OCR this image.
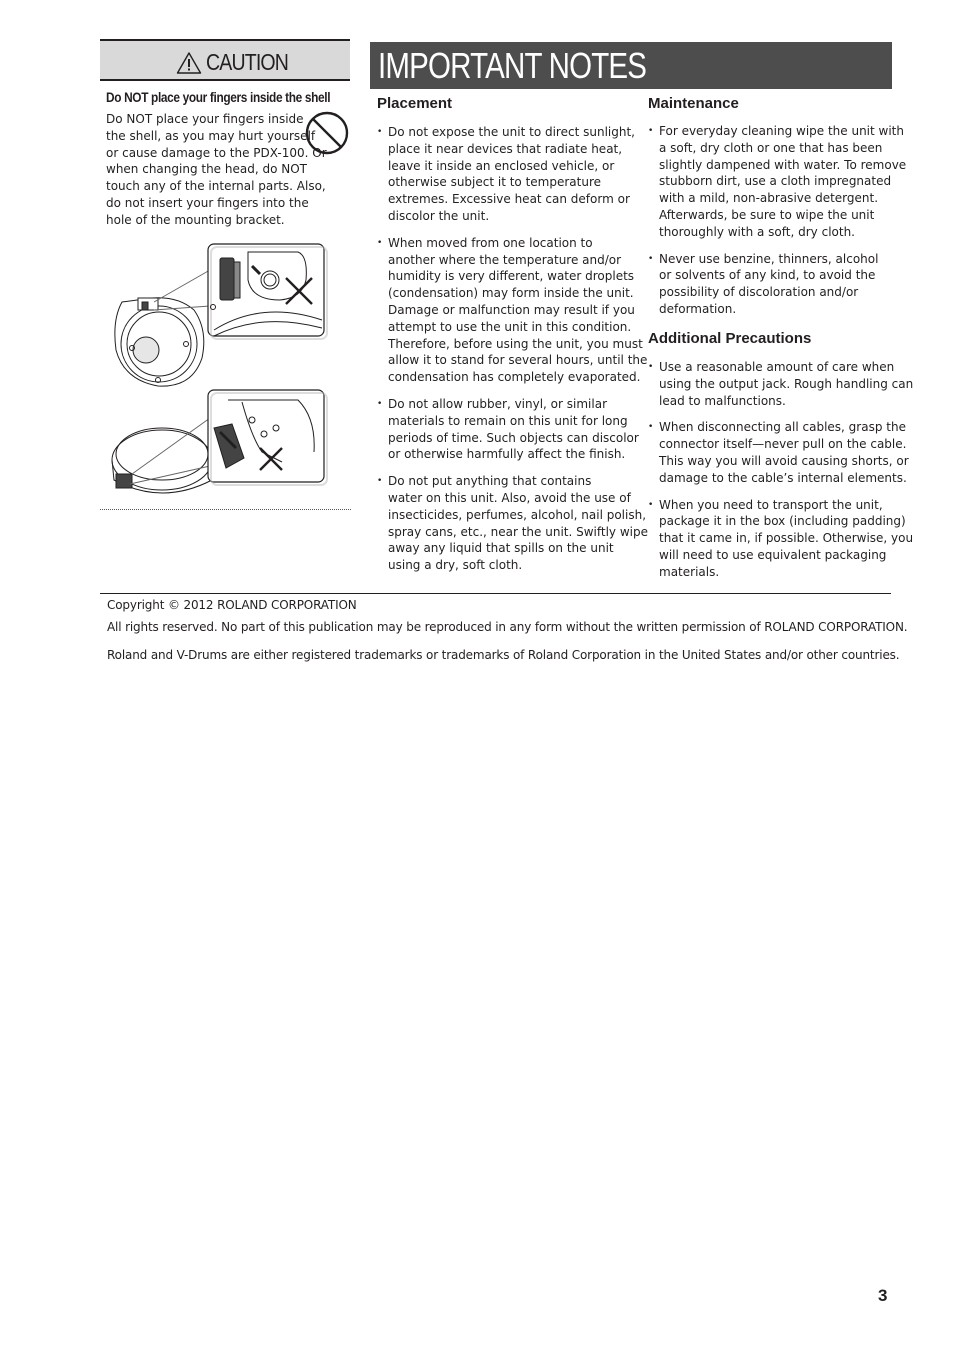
CAUTION
Do NOT place your fingers inside the shell
Do NOT place your fingers inside
the shell, as you may hurt yourself
or cause damage to the PDX-100. Or
when changing the head, do NOT
touch any of the internal parts. Also,
do not insert your fingers into the
hole of the mounting bracket.
IMPORTANT NOTES
Placement
• Do not expose the unit to direct sunlight,
place it near devices that radiate heat,
leave it inside an enclosed vehicle, or
otherwise subject it to temperature
extremes. Excessive heat can deform or
discolor the unit.
• When moved from one location to
another where the temperature and/or
humidity is very different, water droplets
(condensation) may form inside the unit.
Damage or malfunction may result if you
attempt to use the unit in this condition.
Therefore, before using the unit, you must
allow it to stand for several hours, until the
condensation has completely evaporated.
• Do not allow rubber, vinyl, or similar
materials to remain on this unit for long
periods of time. Such objects can discolor
or otherwise harmfully affect the finish.
• Do not put anything that contains
water on this unit. Also, avoid the use of
insecticides, perfumes, alcohol, nail polish,
spray cans, etc., near the unit. Swiftly wipe
away any liquid that spills on the unit
using a dry, soft cloth.
Maintenance
• For everyday cleaning wipe the unit with
a soft, dry cloth or one that has been
slightly dampened with water. To remove
stubborn dirt, use a cloth impregnated
with a mild, non-abrasive detergent.
Afterwards, be sure to wipe the unit
thoroughly with a soft, dry cloth.
• Never use benzine, thinners, alcohol
or solvents of any kind, to avoid the
possibility of discoloration and/or
deformation.
Additional Precautions
• Use a reasonable amount of care when
using the output jack. Rough handling can
lead to malfunctions.
• When disconnecting all cables, grasp the
connector itself—never pull on the cable.
This way you will avoid causing shorts, or
damage to the cable’s internal elements.
• When you need to transport the unit,
package it in the box (including padding)
that it came in, if possible. Otherwise, you
will need to use equivalent packaging
materials.
Copyright © 2012 ROLAND CORPORATION
All rights reserved. No part of this publication may be reproduced in any form without the written permission of ROLAND CORPORATION.
Roland and V-Drums are either registered trademarks or trademarks of Roland Corporation in the United States and/or other countries.
3
